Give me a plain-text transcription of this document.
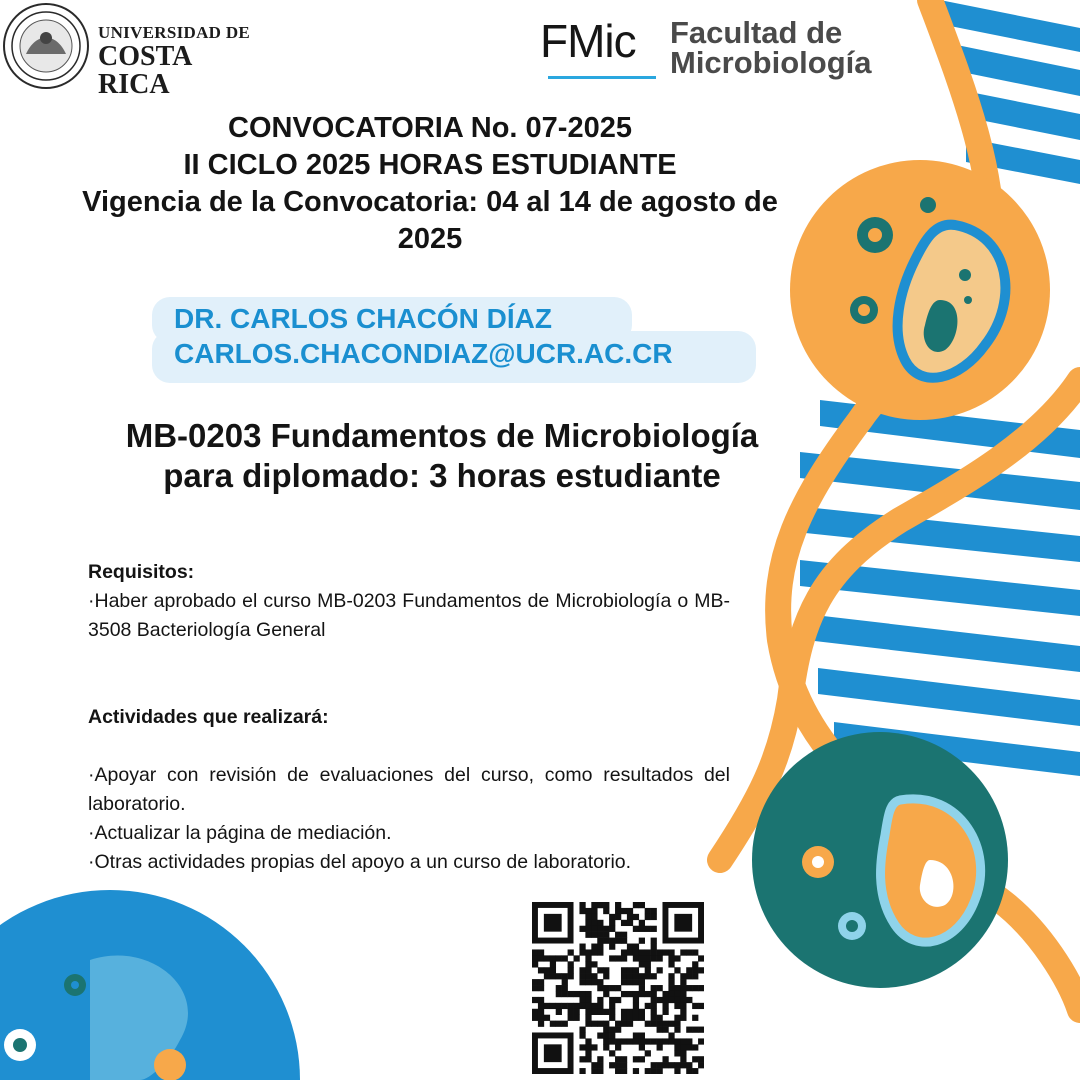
UNIVERSIDAD DE
COSTA RICA
FMic Facultad de
Microbiología
CONVOCATORIA No. 07-2025
II CICLO 2025 HORAS ESTUDIANTE
Vigencia de la Convocatoria: 04 al 14 de agosto de
2025
DR. CARLOS CHACÓN DÍAZ
CARLOS.CHACONDIAZ@UCR.AC.CR
MB-0203 Fundamentos de Microbiología para diplomado: 3 horas estudiante

Requisitos:

·Haber aprobado el curso MB-0203 Fundamentos de Microbiología o MB-3508 Bacteriología General

Actividades que realizará:

·Apoyar con revisión de evaluaciones del curso, como resultados del laboratorio.

·Actualizar la página de mediación.

·Otras actividades propias del apoyo a un curso de laboratorio.
